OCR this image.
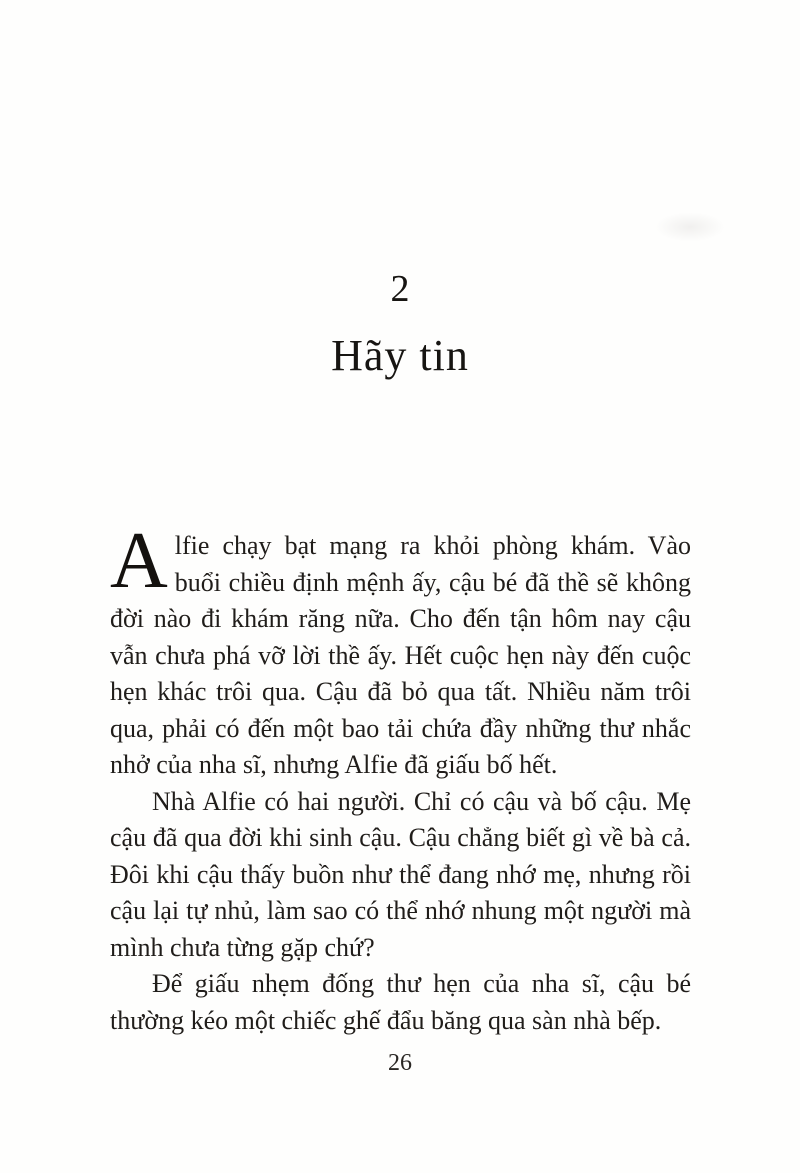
2
Hãy tin

Alfie chạy bạt mạng ra khỏi phòng khám. Vào buổi chiều định mệnh ấy, cậu bé đã thề sẽ không đời nào đi khám răng nữa. Cho đến tận hôm nay cậu vẫn chưa phá vỡ lời thề ấy. Hết cuộc hẹn này đến cuộc hẹn khác trôi qua. Cậu đã bỏ qua tất. Nhiều năm trôi qua, phải có đến một bao tải chứa đầy những thư nhắc nhở của nha sĩ, nhưng Alfie đã giấu bố hết.

Nhà Alfie có hai người. Chỉ có cậu và bố cậu. Mẹ cậu đã qua đời khi sinh cậu. Cậu chẳng biết gì về bà cả. Đôi khi cậu thấy buồn như thể đang nhớ mẹ, nhưng rồi cậu lại tự nhủ, làm sao có thể nhớ nhung một người mà mình chưa từng gặp chứ?

Để giấu nhẹm đống thư hẹn của nha sĩ, cậu bé thường kéo một chiếc ghế đẩu băng qua sàn nhà bếp.

26
